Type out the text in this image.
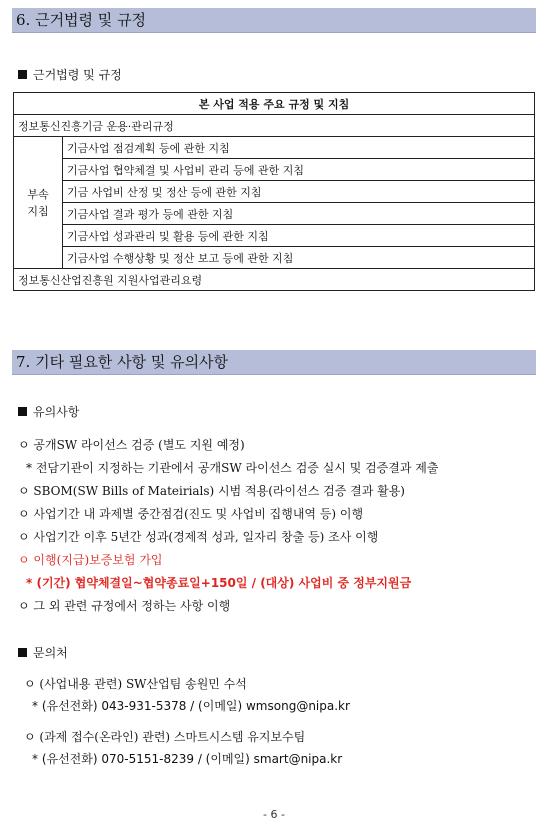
6. 근거법령 및 규정
근거법령 및 규정
본 사업 적용 주요 규정 및 지침
정보통신진흥기금 운용·관리규정
부속
지침	기금사업 점검계획 등에 관한 지침
기금사업 협약체결 및 사업비 관리 등에 관한 지침
기금 사업비 산정 및 정산 등에 관한 지침
기금사업 결과 평가 등에 관한 지침
기금사업 성과관리 및 활용 등에 관한 지침
기금사업 수행상황 및 정산 보고 등에 관한 지침
정보통신산업진흥원 지원사업관리요령
7. 기타 필요한 사항 및 유의사항
유의사항
ㅇ 공개SW 라이선스 검증 (별도 지원 예정)
* 전담기관이 지정하는 기관에서 공개SW 라이선스 검증 실시 및 검증결과 제출
ㅇ SBOM(SW Bills of Mateirials) 시범 적용(라이선스 검증 결과 활용)
ㅇ 사업기간 내 과제별 중간점검(진도 및 사업비 집행내역 등) 이행
ㅇ 사업기간 이후 5년간 성과(경제적 성과, 일자리 창출 등) 조사 이행
ㅇ 이행(지급)보증보험 가입
* (기간) 협약체결일~협약종료일+150일 / (대상) 사업비 중 정부지원금
ㅇ 그 외 관련 규정에서 정하는 사항 이행
문의처
ㅇ (사업내용 관련) SW산업팀 송원민 수석
* (유선전화) 043-931-5378 / (이메일) wmsong@nipa.kr
ㅇ (과제 접수(온라인) 관련) 스마트시스템 유지보수팀
* (유선전화) 070-5151-8239 / (이메일) smart@nipa.kr
- 6 -
